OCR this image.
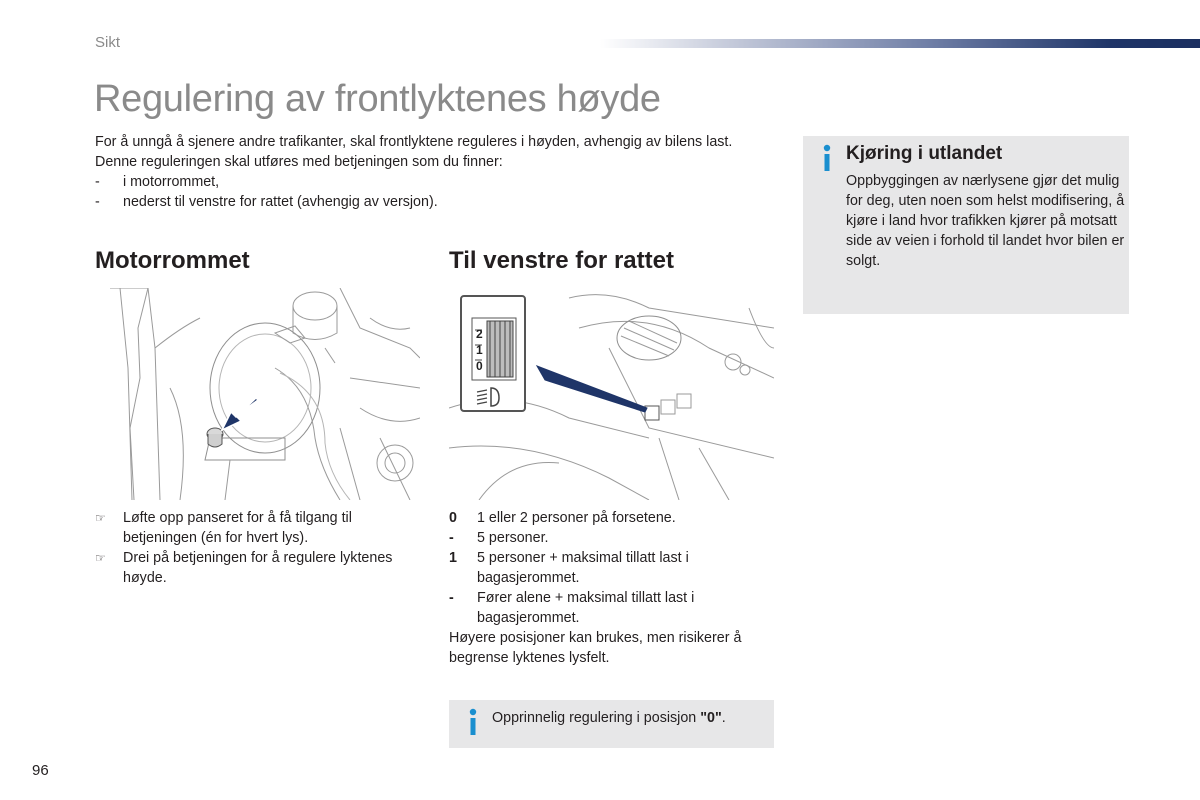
Sikt
Regulering av frontlyktenes høyde

For å unngå å sjenere andre trafikanter, skal frontlyktene reguleres i høyden, avhengig av bilens last.

Denne reguleringen skal utføres med betjeningen som du finner:

-	i motorrommet,
-	nederst til venstre for rattet (avhengig av versjon).
Motorrommet	Til venstre for rattet
2
1
0
☞	Løfte opp panseret for å få tilgang til betjeningen (én for hvert lys).
☞	Drei på betjeningen for å regulere lyktenes høyde.
0	1 eller 2 personer på forsetene.
-	5 personer.
1	5 personer + maksimal tillatt last i bagasjerommet.
-	Fører alene + maksimal tillatt last i bagasjerommet.
Høyere posisjoner kan brukes, men risikerer å begrense lyktenes lysfelt.
Opprinnelig regulering i posisjon "0".
Kjøring i utlandet
Oppbyggingen av nærlysene gjør det mulig for deg, uten noen som helst modifisering, å kjøre i land hvor trafikken kjører på motsatt side av veien i forhold til landet hvor bilen er solgt.
96
